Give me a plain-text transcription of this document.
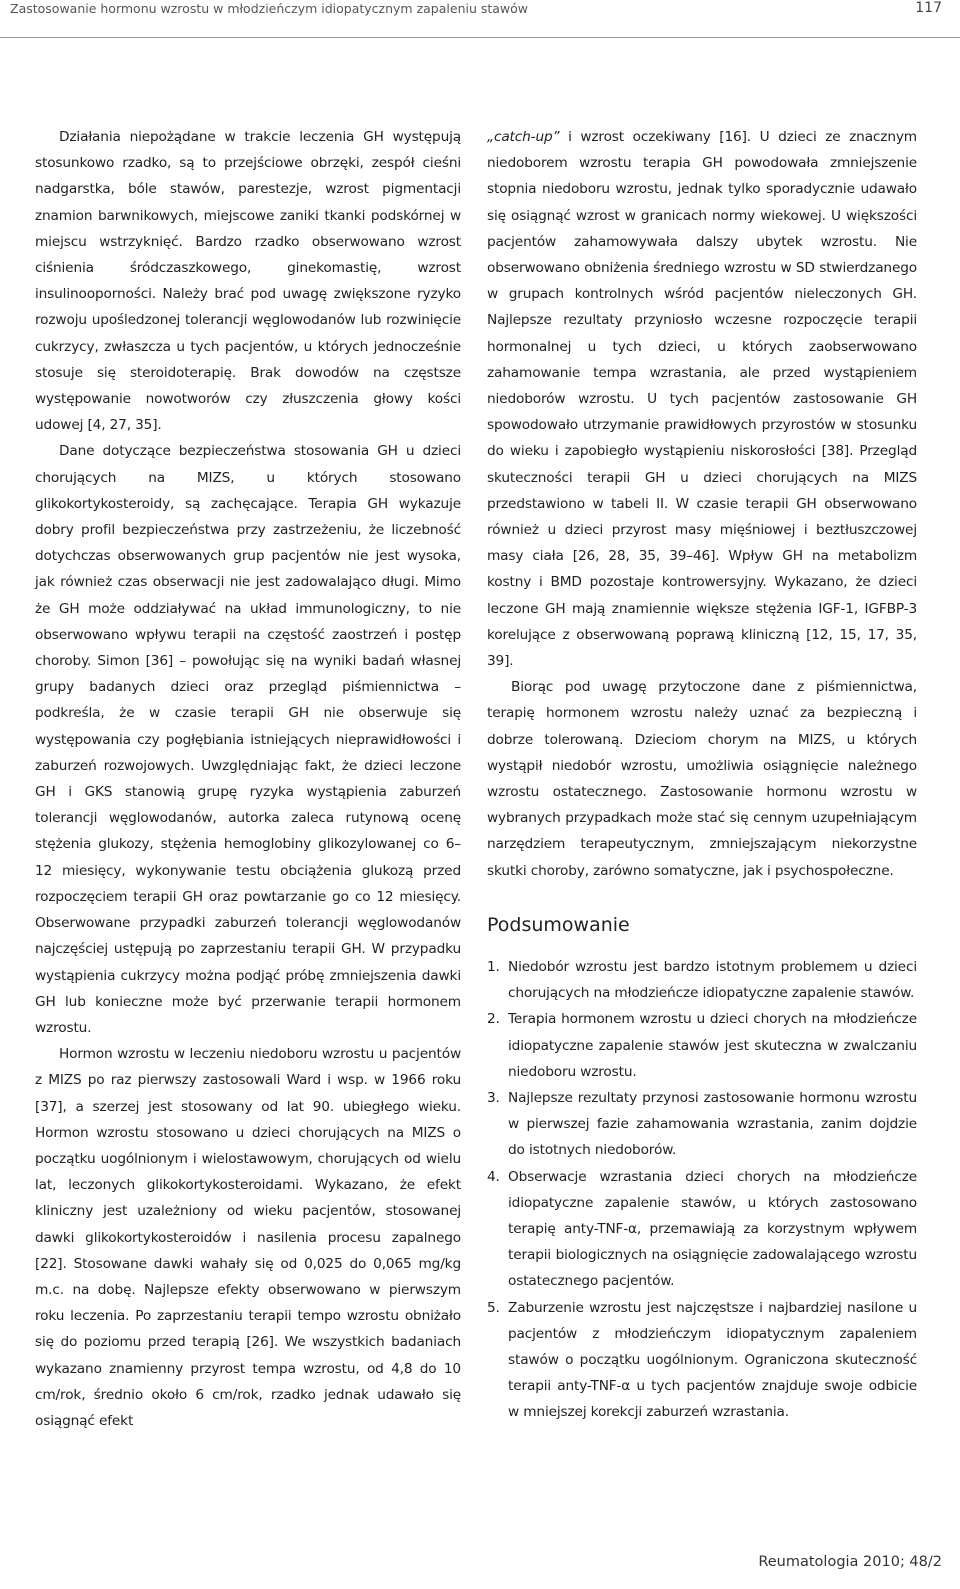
Zastosowanie hormonu wzrostu w młodzieńczym idiopatycznym zapaleniu stawów	117

Działania niepożądane w trakcie leczenia GH występują stosunkowo rzadko, są to przejściowe obrzęki, zespół cieśni nadgarstka, bóle stawów, parestezje, wzrost pigmentacji znamion barwnikowych, miejscowe zaniki tkanki podskórnej w miejscu wstrzyknięć. Bardzo rzadko obserwowano wzrost ciśnienia śródczaszkowego, ginekomastię, wzrost insulinooporności. Należy brać pod uwagę zwiększone ryzyko rozwoju upośledzonej tolerancji węglowodanów lub rozwinięcie cukrzycy, zwłaszcza u tych pacjentów, u których jednocześnie stosuje się steroidoterapię. Brak dowodów na częstsze występowanie nowotworów czy złuszczenia głowy kości udowej [4, 27, 35].

Dane dotyczące bezpieczeństwa stosowania GH u dzieci chorujących na MIZS, u których stosowano glikokortykosteroidy, są zachęcające. Terapia GH wykazuje dobry profil bezpieczeństwa przy zastrzeżeniu, że liczebność dotychczas obserwowanych grup pacjentów nie jest wysoka, jak również czas obserwacji nie jest zadowalająco długi. Mimo że GH może oddziaływać na układ immunologiczny, to nie obserwowano wpływu terapii na częstość zaostrzeń i postęp choroby. Simon [36] – powołując się na wyniki badań własnej grupy badanych dzieci oraz przegląd piśmiennictwa – podkreśla, że w czasie terapii GH nie obserwuje się występowania czy pogłębiania istniejących nieprawidłowości i zaburzeń rozwojowych. Uwzględniając fakt, że dzieci leczone GH i GKS stanowią grupę ryzyka wystąpienia zaburzeń tolerancji węglowodanów, autorka zaleca rutynową ocenę stężenia glukozy, stężenia hemoglobiny glikozylowanej co 6–12 miesięcy, wykonywanie testu obciążenia glukozą przed rozpoczęciem terapii GH oraz powtarzanie go co 12 miesięcy. Obserwowane przypadki zaburzeń tolerancji węglowodanów najczęściej ustępują po zaprzestaniu terapii GH. W przypadku wystąpienia cukrzycy można podjąć próbę zmniejszenia dawki GH lub konieczne może być przerwanie terapii hormonem wzrostu.

Hormon wzrostu w leczeniu niedoboru wzrostu u pacjentów z MIZS po raz pierwszy zastosowali Ward i wsp. w 1966 roku [37], a szerzej jest stosowany od lat 90. ubiegłego wieku. Hormon wzrostu stosowano u dzieci chorujących na MIZS o początku uogólnionym i wielostawowym, chorujących od wielu lat, leczonych glikokortykosteroidami. Wykazano, że efekt kliniczny jest uzależniony od wieku pacjentów, stosowanej dawki glikokortykosteroidów i nasilenia procesu zapalnego [22]. Stosowane dawki wahały się od 0,025 do 0,065 mg/kg m.c. na dobę. Najlepsze efekty obserwowano w pierwszym roku leczenia. Po zaprzestaniu terapii tempo wzrostu obniżało się do poziomu przed terapią [26]. We wszystkich badaniach wykazano znamienny przyrost tempa wzrostu, od 4,8 do 10 cm/rok, średnio około 6 cm/rok, rzadko jednak udawało się osiągnąć efekt

„catch-up” i wzrost oczekiwany [16]. U dzieci ze znacznym niedoborem wzrostu terapia GH powodowała zmniejszenie stopnia niedoboru wzrostu, jednak tylko sporadycznie udawało się osiągnąć wzrost w granicach normy wiekowej. U większości pacjentów zahamowywała dalszy ubytek wzrostu. Nie obserwowano obniżenia średniego wzrostu w SD stwierdzanego w grupach kontrolnych wśród pacjentów nieleczonych GH. Najlepsze rezultaty przyniosło wczesne rozpoczęcie terapii hormonalnej u tych dzieci, u których zaobserwowano zahamowanie tempa wzrastania, ale przed wystąpieniem niedoborów wzrostu. U tych pacjentów zastosowanie GH spowodowało utrzymanie prawidłowych przyrostów w stosunku do wieku i zapobiegło wystąpieniu niskorosłości [38]. Przegląd skuteczności terapii GH u dzieci chorujących na MIZS przedstawiono w tabeli II. W czasie terapii GH obserwowano również u dzieci przyrost masy mięśniowej i beztłuszczowej masy ciała [26, 28, 35, 39–46]. Wpływ GH na metabolizm kostny i BMD pozostaje kontrowersyjny. Wykazano, że dzieci leczone GH mają znamiennie większe stężenia IGF-1, IGFBP-3 korelujące z obserwowaną poprawą kliniczną [12, 15, 17, 35, 39].

Biorąc pod uwagę przytoczone dane z piśmiennictwa, terapię hormonem wzrostu należy uznać za bezpieczną i dobrze tolerowaną. Dzieciom chorym na MIZS, u których wystąpił niedobór wzrostu, umożliwia osiągnięcie należnego wzrostu ostatecznego. Zastosowanie hormonu wzrostu w wybranych przypadkach może stać się cennym uzupełniającym narzędziem terapeutycznym, zmniejszającym niekorzystne skutki choroby, zarówno somatyczne, jak i psychospołeczne.

Podsumowanie
1. Niedobór wzrostu jest bardzo istotnym problemem u dzieci chorujących na młodzieńcze idiopatyczne zapalenie stawów.
2. Terapia hormonem wzrostu u dzieci chorych na młodzieńcze idiopatyczne zapalenie stawów jest skuteczna w zwalczaniu niedoboru wzrostu.
3. Najlepsze rezultaty przynosi zastosowanie hormonu wzrostu w pierwszej fazie zahamowania wzrastania, zanim dojdzie do istotnych niedoborów.
4. Obserwacje wzrastania dzieci chorych na młodzieńcze idiopatyczne zapalenie stawów, u których zastosowano terapię anty-TNF-α, przemawiają za korzystnym wpływem terapii biologicznych na osiągnięcie zadowalającego wzrostu ostatecznego pacjentów.
5. Zaburzenie wzrostu jest najczęstsze i najbardziej nasilone u pacjentów z młodzieńczym idiopatycznym zapaleniem stawów o początku uogólnionym. Ograniczona skuteczność terapii anty-TNF-α u tych pacjentów znajduje swoje odbicie w mniejszej korekcji zaburzeń wzrastania.
Reumatologia 2010; 48/2
